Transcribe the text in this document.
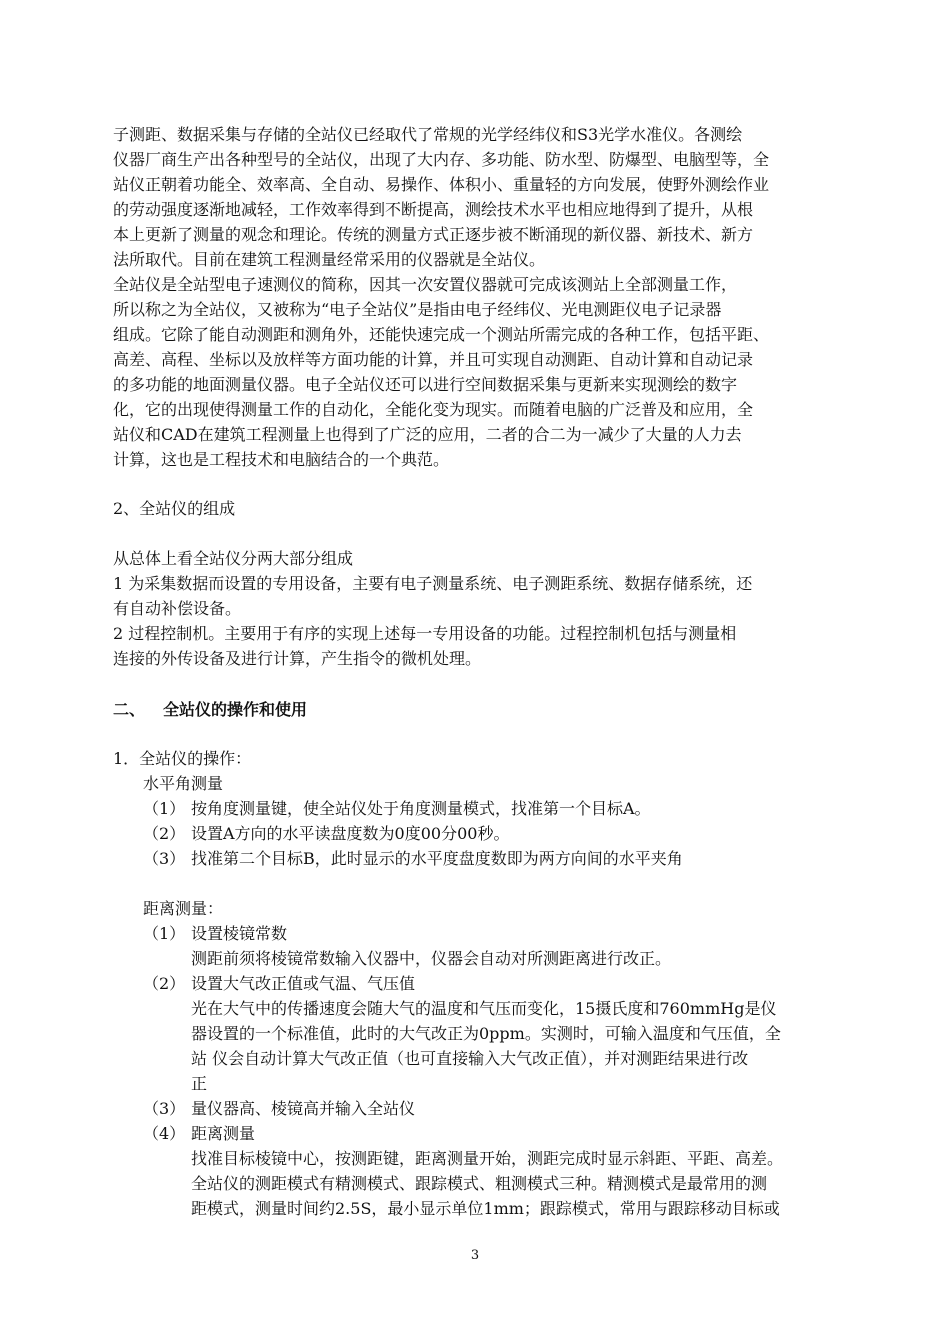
子测距、数据采集与存储的全站仪已经取代了常规的光学经纬仪和S3光学水准仪。各测绘
仪器厂商生产出各种型号的全站仪，出现了大内存、多功能、防水型、防爆型、电脑型等，全
站仪正朝着功能全、效率高、全自动、易操作、体积小、重量轻的方向发展，使野外测绘作业
的劳动强度逐渐地减轻，工作效率得到不断提高，测绘技术水平也相应地得到了提升，从根
本上更新了测量的观念和理论。传统的测量方式正逐步被不断涌现的新仪器、新技术、新方
法所取代。目前在建筑工程测量经常采用的仪器就是全站仪。
全站仪是全站型电子速测仪的简称，因其一次安置仪器就可完成该测站上全部测量工作，
所以称之为全站仪，又被称为“电子全站仪”是指由电子经纬仪、光电测距仪电子记录器
组成。它除了能自动测距和测角外，还能快速完成一个测站所需完成的各种工作，包括平距、
高差、高程、坐标以及放样等方面功能的计算，并且可实现自动测距、自动计算和自动记录
的多功能的地面测量仪器。电子全站仪还可以进行空间数据采集与更新来实现测绘的数字
化，它的出现使得测量工作的自动化，全能化变为现实。而随着电脑的广泛普及和应用，全
站仪和CAD在建筑工程测量上也得到了广泛的应用，二者的合二为一减少了大量的人力去
计算，这也是工程技术和电脑结合的一个典范。
2、全站仪的组成
从总体上看全站仪分两大部分组成
1 为采集数据而设置的专用设备，主要有电子测量系统、电子测距系统、数据存储系统，还
有自动补偿设备。
2 过程控制机。主要用于有序的实现上述每一专用设备的功能。过程控制机包括与测量相
连接的外传设备及进行计算，产生指令的微机处理。
二、 全站仪的操作和使用
1．全站仪的操作：
水平角测量
（1） 按角度测量键，使全站仪处于角度测量模式，找准第一个目标A。
（2） 设置A方向的水平读盘度数为0度00分00秒。
（3） 找准第二个目标B，此时显示的水平度盘度数即为两方向间的水平夹角
距离测量：
（1） 设置棱镜常数
测距前须将棱镜常数输入仪器中，仪器会自动对所测距离进行改正。
（2） 设置大气改正值或气温、气压值
光在大气中的传播速度会随大气的温度和气压而变化，15摄氏度和760mmHg是仪
器设置的一个标准值，此时的大气改正为0ppm。实测时，可输入温度和气压值，全
站 仪会自动计算大气改正值（也可直接输入大气改正值），并对测距结果进行改
正
（3） 量仪器高、棱镜高并输入全站仪
（4） 距离测量
找准目标棱镜中心，按测距键，距离测量开始，测距完成时显示斜距、平距、高差。
全站仪的测距模式有精测模式、跟踪模式、粗测模式三种。精测模式是最常用的测
距模式，测量时间约2.5S，最小显示单位1mm；跟踪模式，常用与跟踪移动目标或
3
